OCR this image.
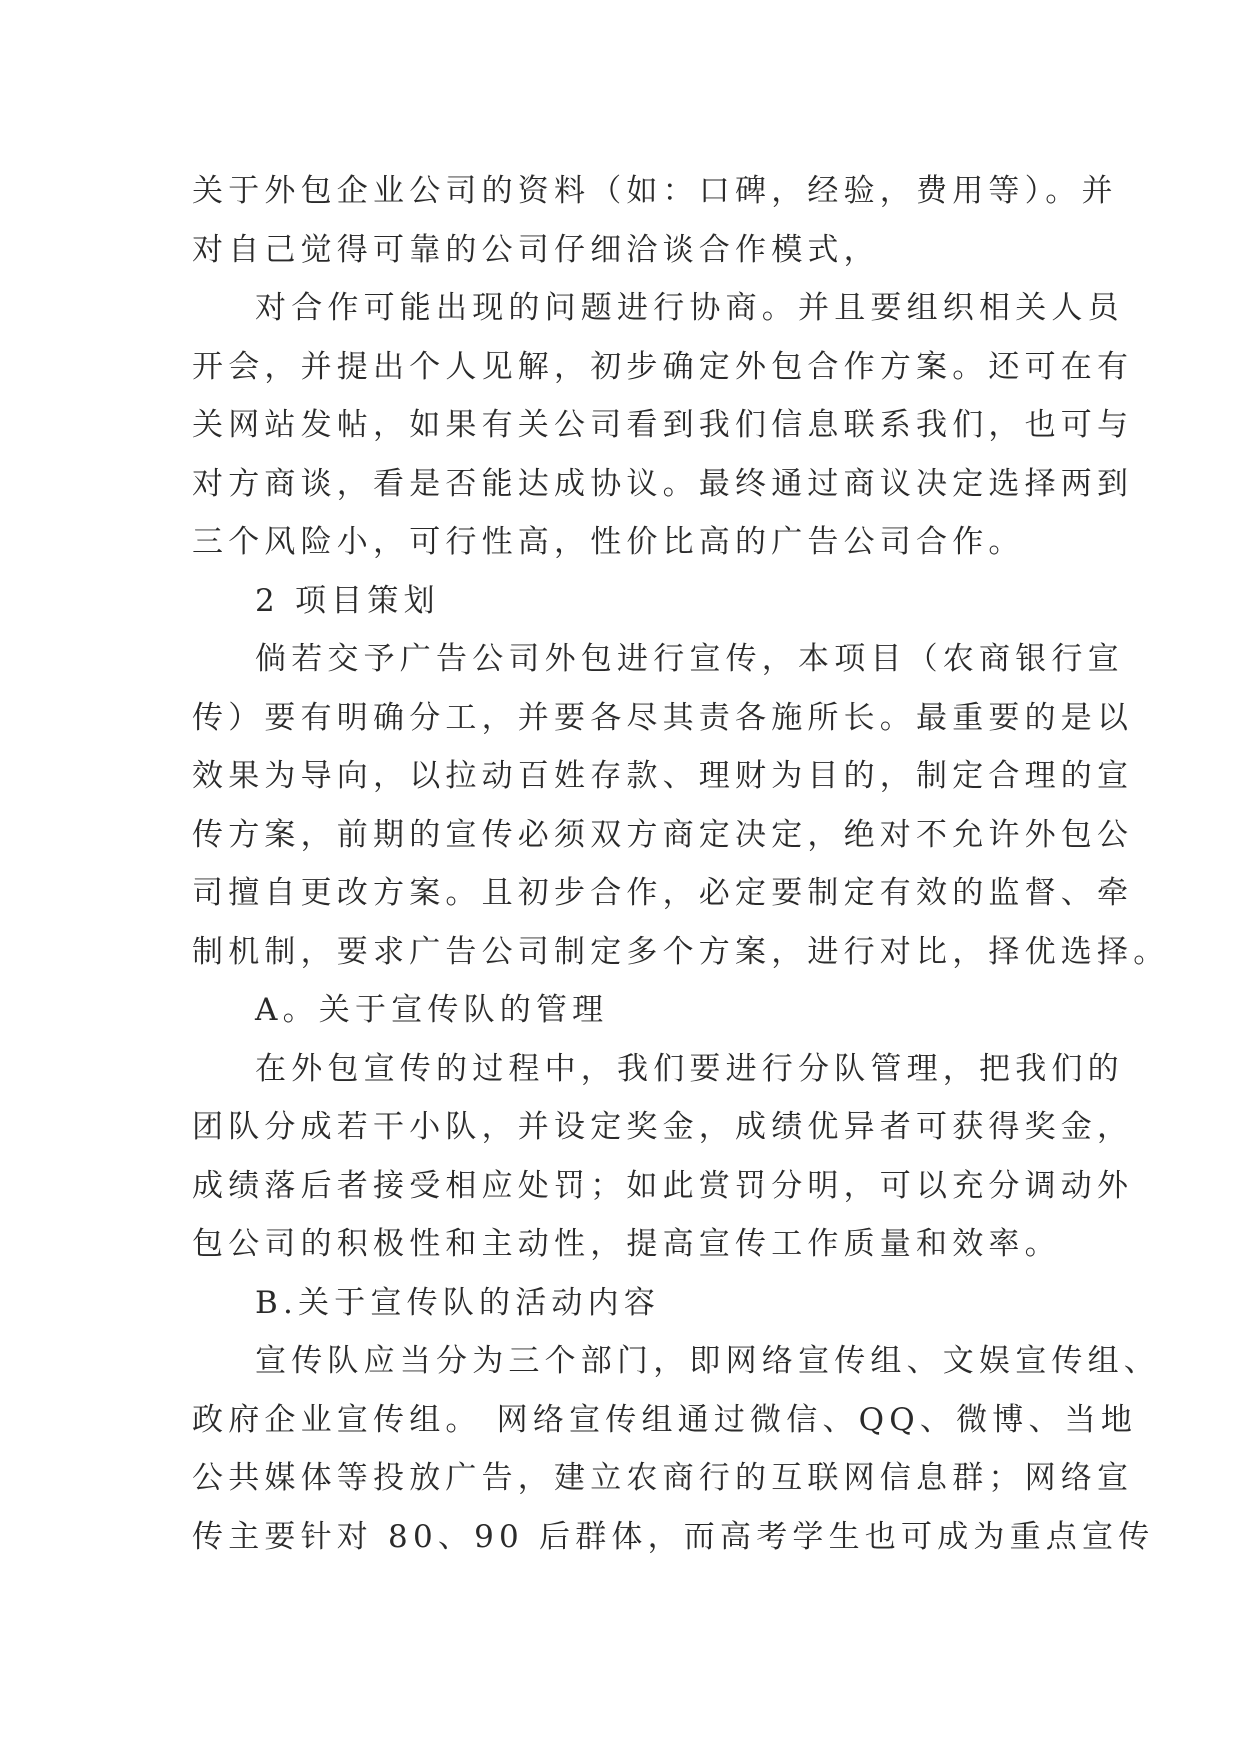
关于外包企业公司的资料（如：口碑，经验，费用等）。并
对自己觉得可靠的公司仔细洽谈合作模式，
对合作可能出现的问题进行协商。并且要组织相关人员
开会，并提出个人见解，初步确定外包合作方案。还可在有
关网站发帖，如果有关公司看到我们信息联系我们，也可与
对方商谈，看是否能达成协议。最终通过商议决定选择两到
三个风险小，可行性高，性价比高的广告公司合作。
2 项目策划
倘若交予广告公司外包进行宣传，本项目（农商银行宣
传）要有明确分工，并要各尽其责各施所长。最重要的是以
效果为导向，以拉动百姓存款、理财为目的，制定合理的宣
传方案，前期的宣传必须双方商定决定，绝对不允许外包公
司擅自更改方案。且初步合作，必定要制定有效的监督、牵
制机制，要求广告公司制定多个方案，进行对比，择优选择。
A。关于宣传队的管理
在外包宣传的过程中，我们要进行分队管理，把我们的
团队分成若干小队，并设定奖金，成绩优异者可获得奖金，
成绩落后者接受相应处罚；如此赏罚分明，可以充分调动外
包公司的积极性和主动性，提高宣传工作质量和效率。
B.关于宣传队的活动内容
宣传队应当分为三个部门，即网络宣传组、文娱宣传组、
政府企业宣传组。 网络宣传组通过微信、QQ、微博、当地
公共媒体等投放广告，建立农商行的互联网信息群；网络宣
传主要针对 80、90 后群体，而高考学生也可成为重点宣传
